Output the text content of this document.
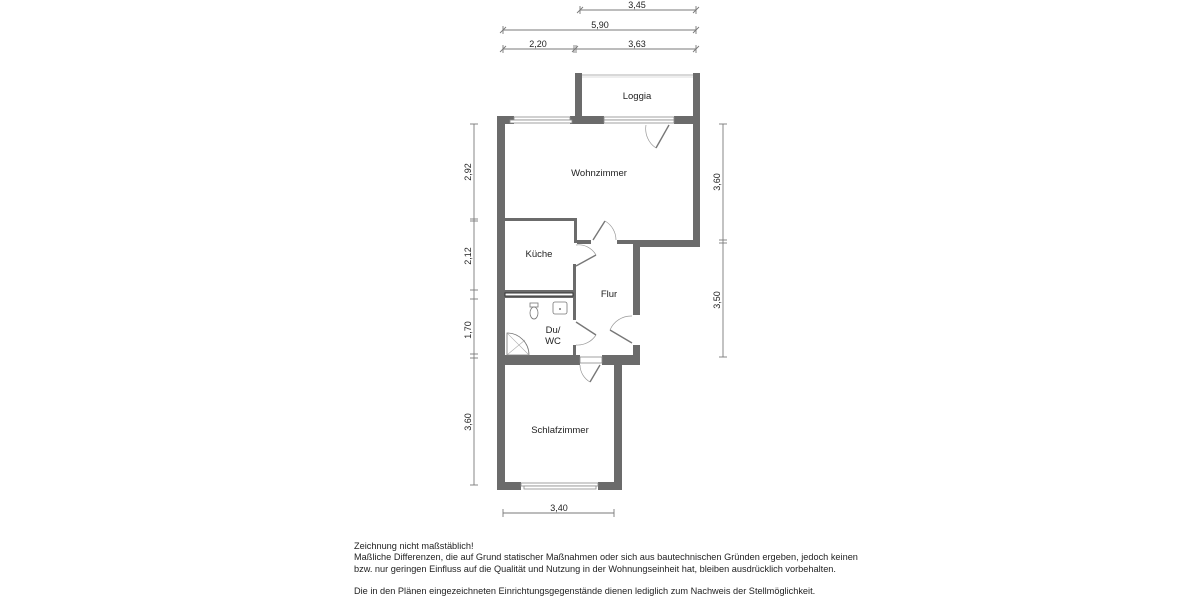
3,45
5,90
2,20	3,63
2,92
2,12
1,70
3,60
3,60
3,50
3,40
Loggia
Wohnzimmer
Küche
Flur
Du/
WC
Schlafzimmer

Zeichnung nicht maßstäblich!

Maßliche Differenzen, die auf Grund statischer Maßnahmen oder sich aus bautechnischen Gründen ergeben, jedoch keinen

bzw. nur geringen Einfluss auf die Qualität und Nutzung in der Wohnungseinheit hat, bleiben ausdrücklich vorbehalten.

Die in den Plänen eingezeichneten Einrichtungsgegenstände dienen lediglich zum Nachweis der Stellmöglichkeit.
